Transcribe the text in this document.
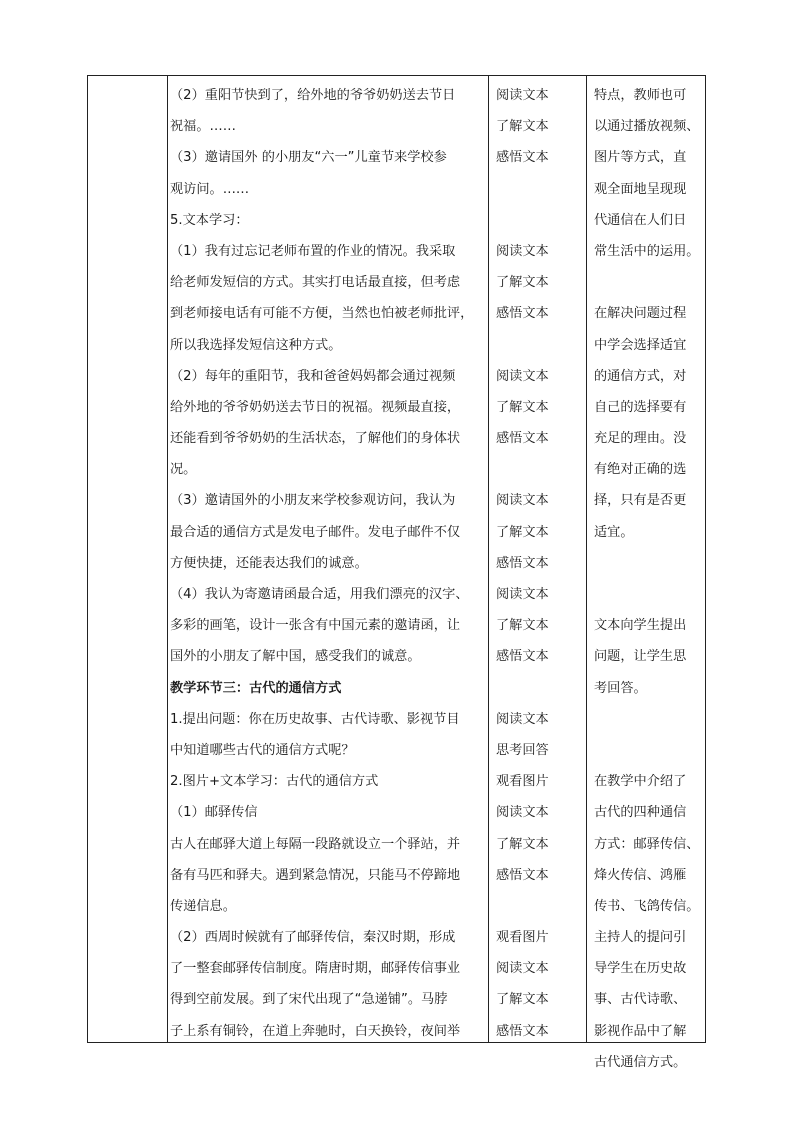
（2）重阳节快到了，给外地的爷爷奶奶送去节日
祝福。……
（3）邀请国外 的小朋友“六一”儿童节来学校参
观访问。……
5.文本学习：
（1）我有过忘记老师布置的作业的情况。我采取
给老师发短信的方式。其实打电话最直接，但考虑
到老师接电话有可能不方便，当然也怕被老师批评，
所以我选择发短信这种方式。
（2）每年的重阳节，我和爸爸妈妈都会通过视频
给外地的爷爷奶奶送去节日的祝福。视频最直接，
还能看到爷爷奶奶的生活状态，了解他们的身体状
况。
（3）邀请国外的小朋友来学校参观访问，我认为
最合适的通信方式是发电子邮件。发电子邮件不仅
方便快捷，还能表达我们的诚意。
（4）我认为寄邀请函最合适，用我们漂亮的汉字、
多彩的画笔，设计一张含有中国元素的邀请函，让
国外的小朋友了解中国，感受我们的诚意。
教学环节三：古代的通信方式
1.提出问题：你在历史故事、古代诗歌、影视节目
中知道哪些古代的通信方式呢？
2.图片+文本学习：古代的通信方式
（1）邮驿传信
古人在邮驿大道上每隔一段路就设立一个驿站，并
备有马匹和驿夫。遇到紧急情况，只能马不停蹄地
传递信息。
（2）西周时候就有了邮驿传信，秦汉时期，形成
了一整套邮驿传信制度。隋唐时期，邮驿传信事业
得到空前发展。到了宋代出现了“急递铺”。马脖
子上系有铜铃，在道上奔驰时，白天换铃，夜间举
阅读文本
了解文本
感悟文本
阅读文本
了解文本
感悟文本
阅读文本
了解文本
感悟文本
阅读文本
了解文本
感悟文本
阅读文本
了解文本
感悟文本
阅读文本
思考回答
观看图片
阅读文本
了解文本
感悟文本
观看图片
阅读文本
了解文本
感悟文本
特点，教师也可
以通过播放视频、
图片等方式，直
观全面地呈现现
代通信在人们日
常生活中的运用。
在解决问题过程
中学会选择适宜
的通信方式，对
自己的选择要有
充足的理由。没
有绝对正确的选
择，只有是否更
适宜。
文本向学生提出
问题，让学生思
考回答。
在教学中介绍了
古代的四种通信
方式：邮驿传信、
烽火传信、鸿雁
传书、飞鸽传信。
主持人的提问引
导学生在历史故
事、古代诗歌、
影视作品中了解
古代通信方式。
